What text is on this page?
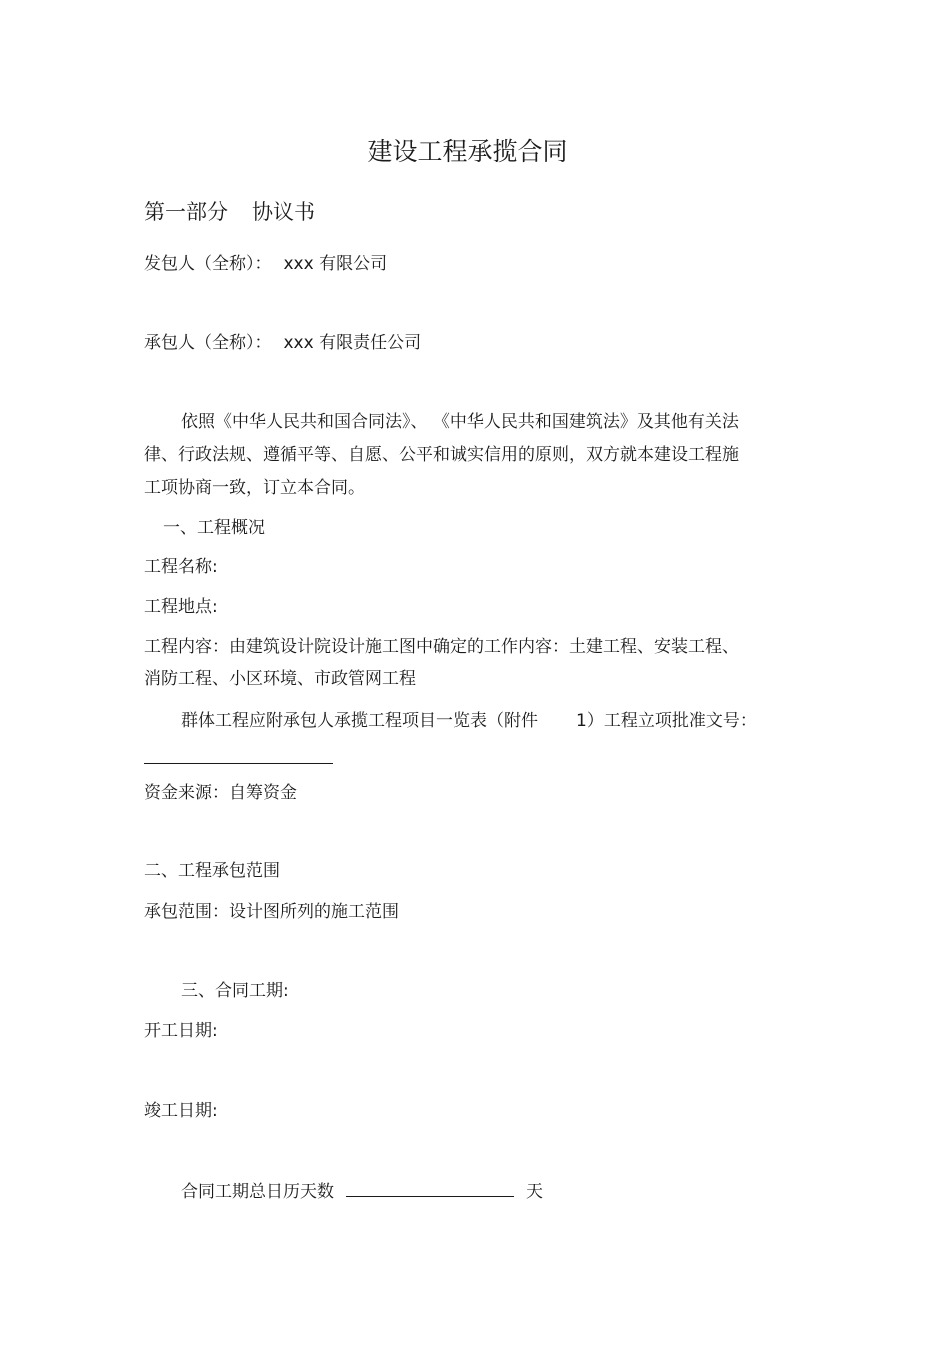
建设工程承揽合同
第一部分 协议书
发包人（全称）： xxx 有限公司
承包人（全称）： xxx 有限责任公司
依照《中华人民共和国合同法》、 《中华人民共和国建筑法》及其他有关法
律、行政法规、遵循平等、自愿、公平和诚实信用的原则，双方就本建设工程施
工项协商一致，订立本合同。
一、工程概况
工程名称:
工程地点:
工程内容：由建筑设计院设计施工图中确定的工作内容：土建工程、安装工程、
消防工程、小区环境、市政管网工程
群体工程应附承包人承揽工程项目一览表（附件 1）工程立项批准文号：
资金来源：自筹资金
二、工程承包范围
承包范围：设计图所列的施工范围
三、合同工期:
开工日期:
竣工日期:
合同工期总日历天数	天
